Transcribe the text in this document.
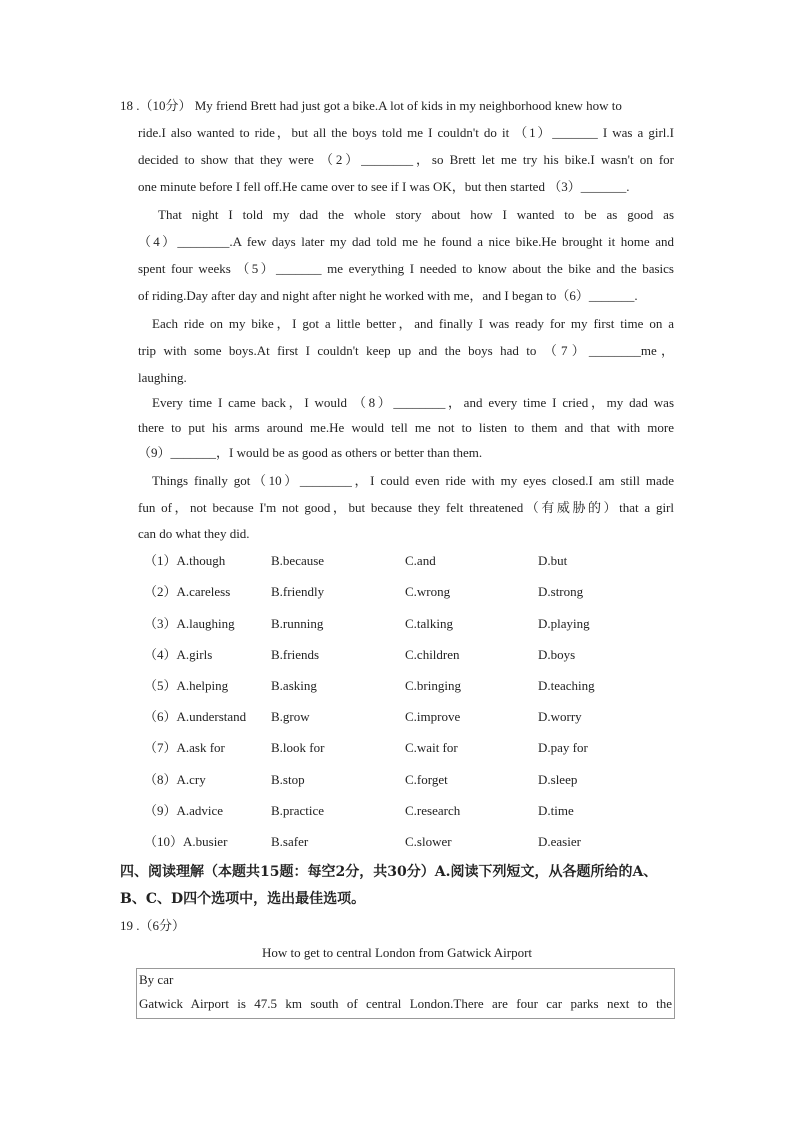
18 .（10分） My friend Brett had just got a bike.A lot of kids in my neighborhood knew how to
ride.I also wanted to ride，but all the boys told me I couldn't do it （1）_______ I was a girl.I
decided to show that they were （2）________，so Brett let me try his bike.I wasn't on for
one minute before I fell off.He came over to see if I was OK，but then started （3）_______.
That night I told my dad the whole story about how I wanted to be as good as
（4）________.A few days later my dad told me he found a nice bike.He brought it home and
spent four weeks （5）_______ me everything I needed to know about the bike and the basics
of riding.Day after day and night after night he worked with me，and I began to（6）_______.
Each ride on my bike，I got a little better，and finally I was ready for my first time on a
trip with some boys.At first I couldn't keep up and the boys had to （7）________me，
laughing.
Every time I came back，I would （8）________，and every time I cried，my dad was
there to put his arms around me.He would tell me not to listen to them and that with more
（9）_______，I would be as good as others or better than them.
Things finally got（10）________，I could even ride with my eyes closed.I am still made
fun of，not because I'm not good，but because they felt threatened（有威胁的）that a girl
can do what they did.
（1）A.though	B.because	C.and	D.but
（2）A.careless	B.friendly	C.wrong	D.strong
（3）A.laughing	B.running	C.talking	D.playing
（4）A.girls	B.friends	C.children	D.boys
（5）A.helping	B.asking	C.bringing	D.teaching
（6）A.understand B.grow	C.improve	D.worry
（7）A.ask for	B.look for	C.wait for	D.pay for
（8）A.cry	B.stop	C.forget	D.sleep
（9）A.advice	B.practice	C.research	D.time
（10）A.busier	B.safer	C.slower	D.easier
四、阅读理解（本题共15题：每空2分，共30分）A.阅读下列短文，从各题所给的A、
B、C、D四个选项中，选出最佳选项。
19 .（6分）
How to get to central London from Gatwick Airport
By car
Gatwick Airport is 47.5 km south of central London.There are four car parks next to the
